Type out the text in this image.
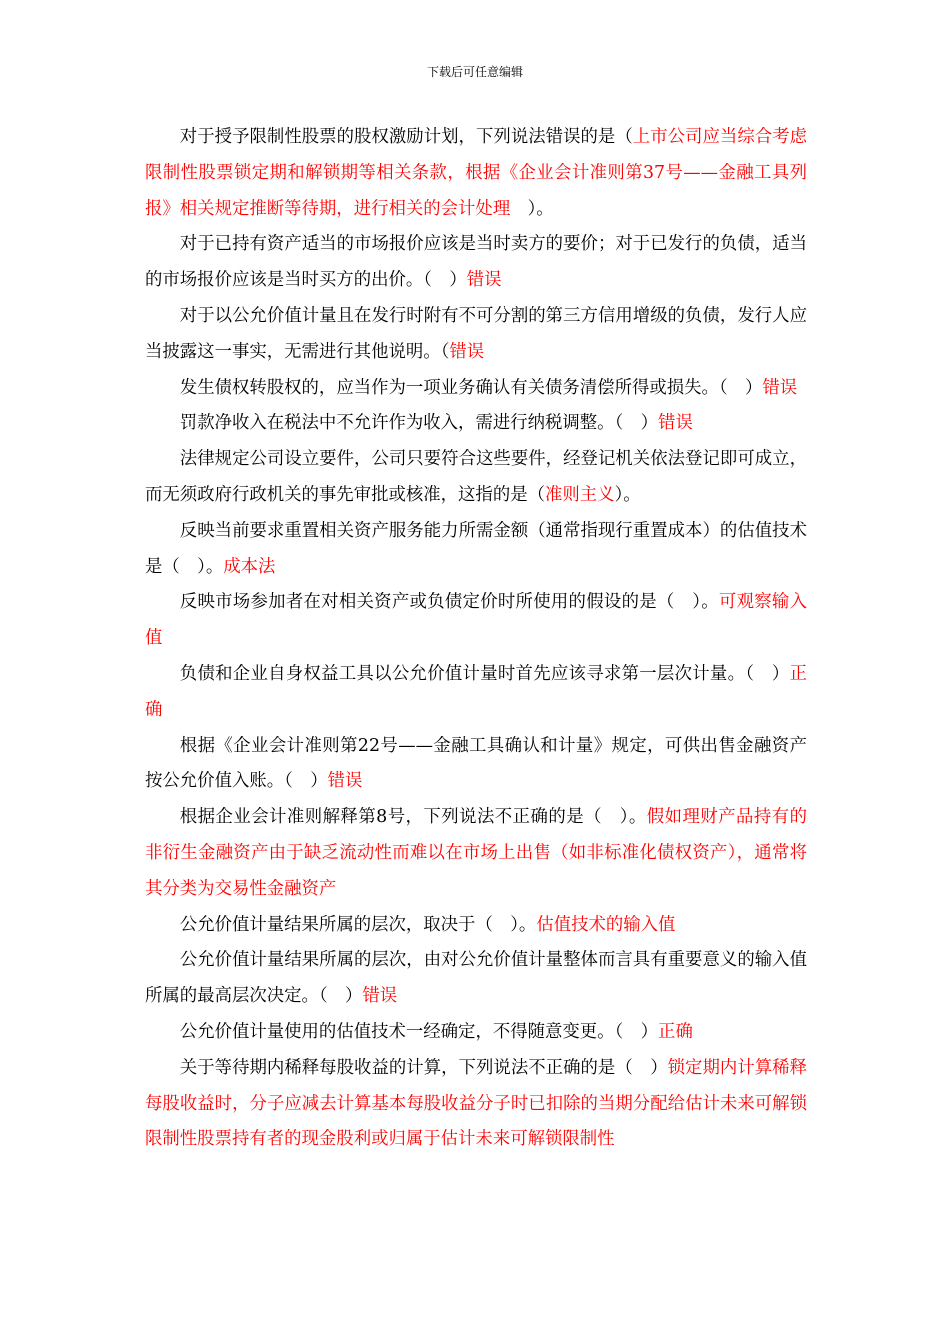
下载后可任意编辑

对于授予限制性股票的股权激励计划，下列说法错误的是（上市公司应当综合考虑限制性股票锁定期和解锁期等相关条款，根据《企业会计准则第37号——金融工具列报》相关规定推断等待期，进行相关的会计处理　）。

对于已持有资产适当的市场报价应该是当时卖方的要价；对于已发行的负债，适当的市场报价应该是当时买方的出价。（　）错误

对于以公允价值计量且在发行时附有不可分割的第三方信用增级的负债，发行人应当披露这一事实，无需进行其他说明。（错误

发生债权转股权的，应当作为一项业务确认有关债务清偿所得或损失。（　）错误

罚款净收入在税法中不允许作为收入，需进行纳税调整。（　）错误

法律规定公司设立要件，公司只要符合这些要件，经登记机关依法登记即可成立，而无须政府行政机关的事先审批或核准，这指的是（准则主义）。

反映当前要求重置相关资产服务能力所需金额（通常指现行重置成本）的估值技术是（　）。成本法

反映市场参加者在对相关资产或负债定价时所使用的假设的是（　）。可观察输入值

负债和企业自身权益工具以公允价值计量时首先应该寻求第一层次计量。（　）正确

根据《企业会计准则第22号——金融工具确认和计量》规定，可供出售金融资产按公允价值入账。（　）错误

根据企业会计准则解释第8号，下列说法不正确的是（　）。假如理财产品持有的非衍生金融资产由于缺乏流动性而难以在市场上出售（如非标准化债权资产），通常将其分类为交易性金融资产

公允价值计量结果所属的层次，取决于（　）。估值技术的输入值

公允价值计量结果所属的层次，由对公允价值计量整体而言具有重要意义的输入值所属的最高层次决定。（　）错误

公允价值计量使用的估值技术一经确定，不得随意变更。（　）正确

关于等待期内稀释每股收益的计算，下列说法不正确的是（　）锁定期内计算稀释每股收益时，分子应减去计算基本每股收益分子时已扣除的当期分配给估计未来可解锁限制性股票持有者的现金股利或归属于估计未来可解锁限制性
